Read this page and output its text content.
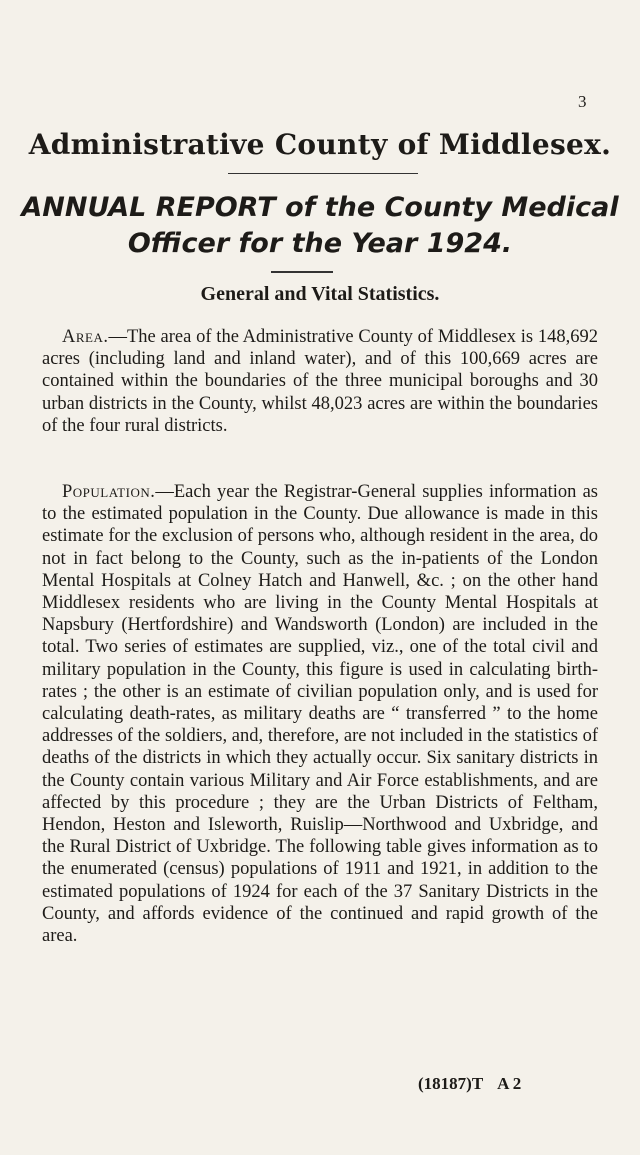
3
Administrative County of Middlesex.
ANNUAL REPORT of the County Medical
Officer for the Year 1924.
General and Vital Statistics.

Area.—The area of the Administrative County of Middlesex is 148,692 acres (including land and inland water), and of this 100,669 acres are contained within the boundaries of the three municipal boroughs and 30 urban districts in the County, whilst 48,023 acres are within the boundaries of the four rural districts.

Population.—Each year the Registrar-General supplies information as to the estimated population in the County. Due allowance is made in this estimate for the exclusion of persons who, although resident in the area, do not in fact belong to the County, such as the in-patients of the London Mental Hospitals at Colney Hatch and Hanwell, &c. ; on the other hand Middlesex residents who are living in the County Mental Hospitals at Napsbury (Hertfordshire) and Wandsworth (London) are included in the total. Two series of estimates are supplied, viz., one of the total civil and military population in the County, this figure is used in calculating birth-rates ; the other is an estimate of civilian population only, and is used for calculating death-rates, as military deaths are “ transferred ” to the home addresses of the soldiers, and, therefore, are not included in the statistics of deaths of the districts in which they actually occur. Six sanitary districts in the County contain various Military and Air Force establishments, and are affected by this procedure ; they are the Urban Districts of Feltham, Hendon, Heston and Isleworth, Ruislip—Northwood and Uxbridge, and the Rural District of Uxbridge. The following table gives information as to the enumerated (census) populations of 1911 and 1921, in addition to the estimated populations of 1924 for each of the 37 Sanitary Districts in the County, and affords evidence of the continued and rapid growth of the area.

(18187)T A 2
